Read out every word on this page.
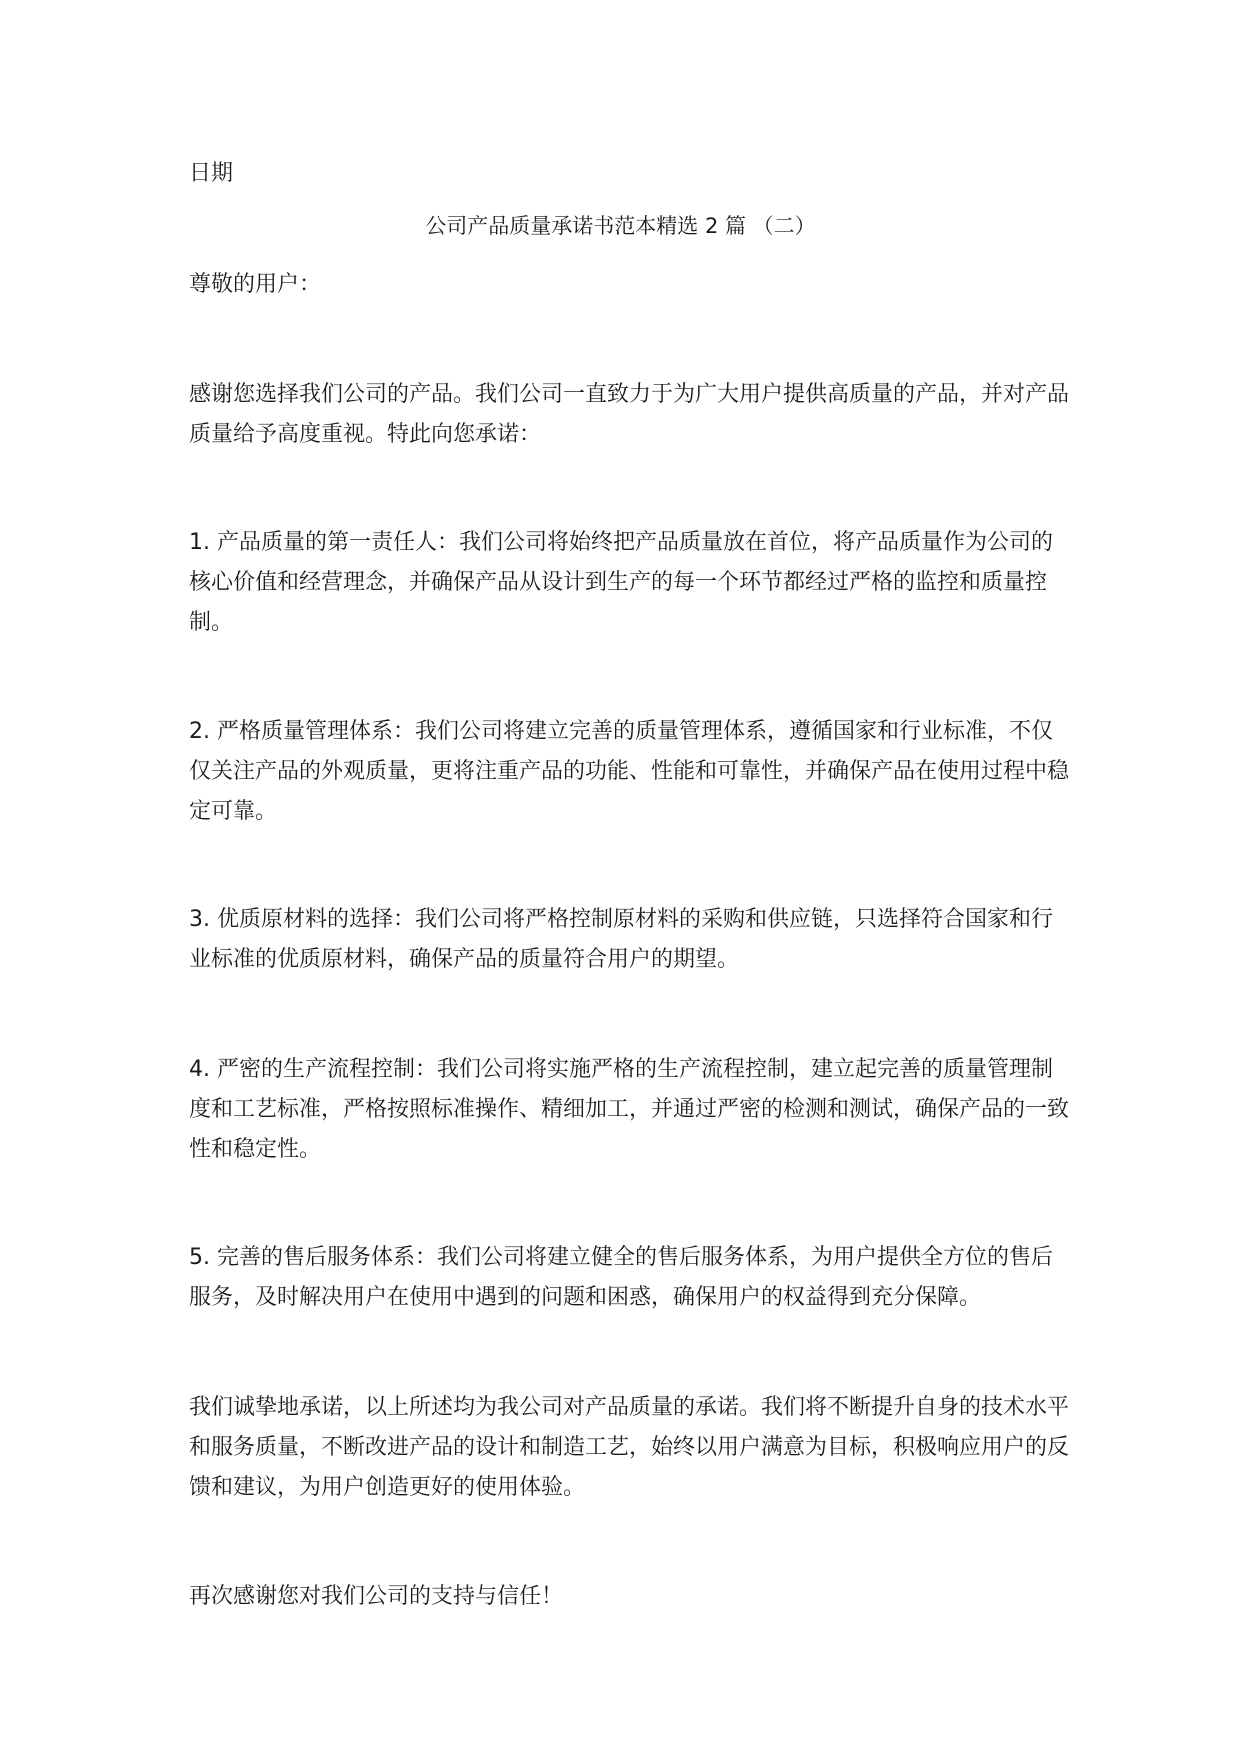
日期
公司产品质量承诺书范本精选 2 篇 （二）
尊敬的用户：
感谢您选择我们公司的产品。我们公司一直致力于为广大用户提供高质量的产品，并对产品质量给予高度重视。特此向您承诺：
1. 产品质量的第一责任人：我们公司将始终把产品质量放在首位，将产品质量作为公司的核心价值和经营理念，并确保产品从设计到生产的每一个环节都经过严格的监控和质量控制。
2. 严格质量管理体系：我们公司将建立完善的质量管理体系，遵循国家和行业标准，不仅仅关注产品的外观质量，更将注重产品的功能、性能和可靠性，并确保产品在使用过程中稳定可靠。
3. 优质原材料的选择：我们公司将严格控制原材料的采购和供应链，只选择符合国家和行业标准的优质原材料，确保产品的质量符合用户的期望。
4. 严密的生产流程控制：我们公司将实施严格的生产流程控制，建立起完善的质量管理制度和工艺标准，严格按照标准操作、精细加工，并通过严密的检测和测试，确保产品的一致性和稳定性。
5. 完善的售后服务体系：我们公司将建立健全的售后服务体系，为用户提供全方位的售后服务，及时解决用户在使用中遇到的问题和困惑，确保用户的权益得到充分保障。
我们诚挚地承诺，以上所述均为我公司对产品质量的承诺。我们将不断提升自身的技术水平和服务质量，不断改进产品的设计和制造工艺，始终以用户满意为目标，积极响应用户的反馈和建议，为用户创造更好的使用体验。
再次感谢您对我们公司的支持与信任！
